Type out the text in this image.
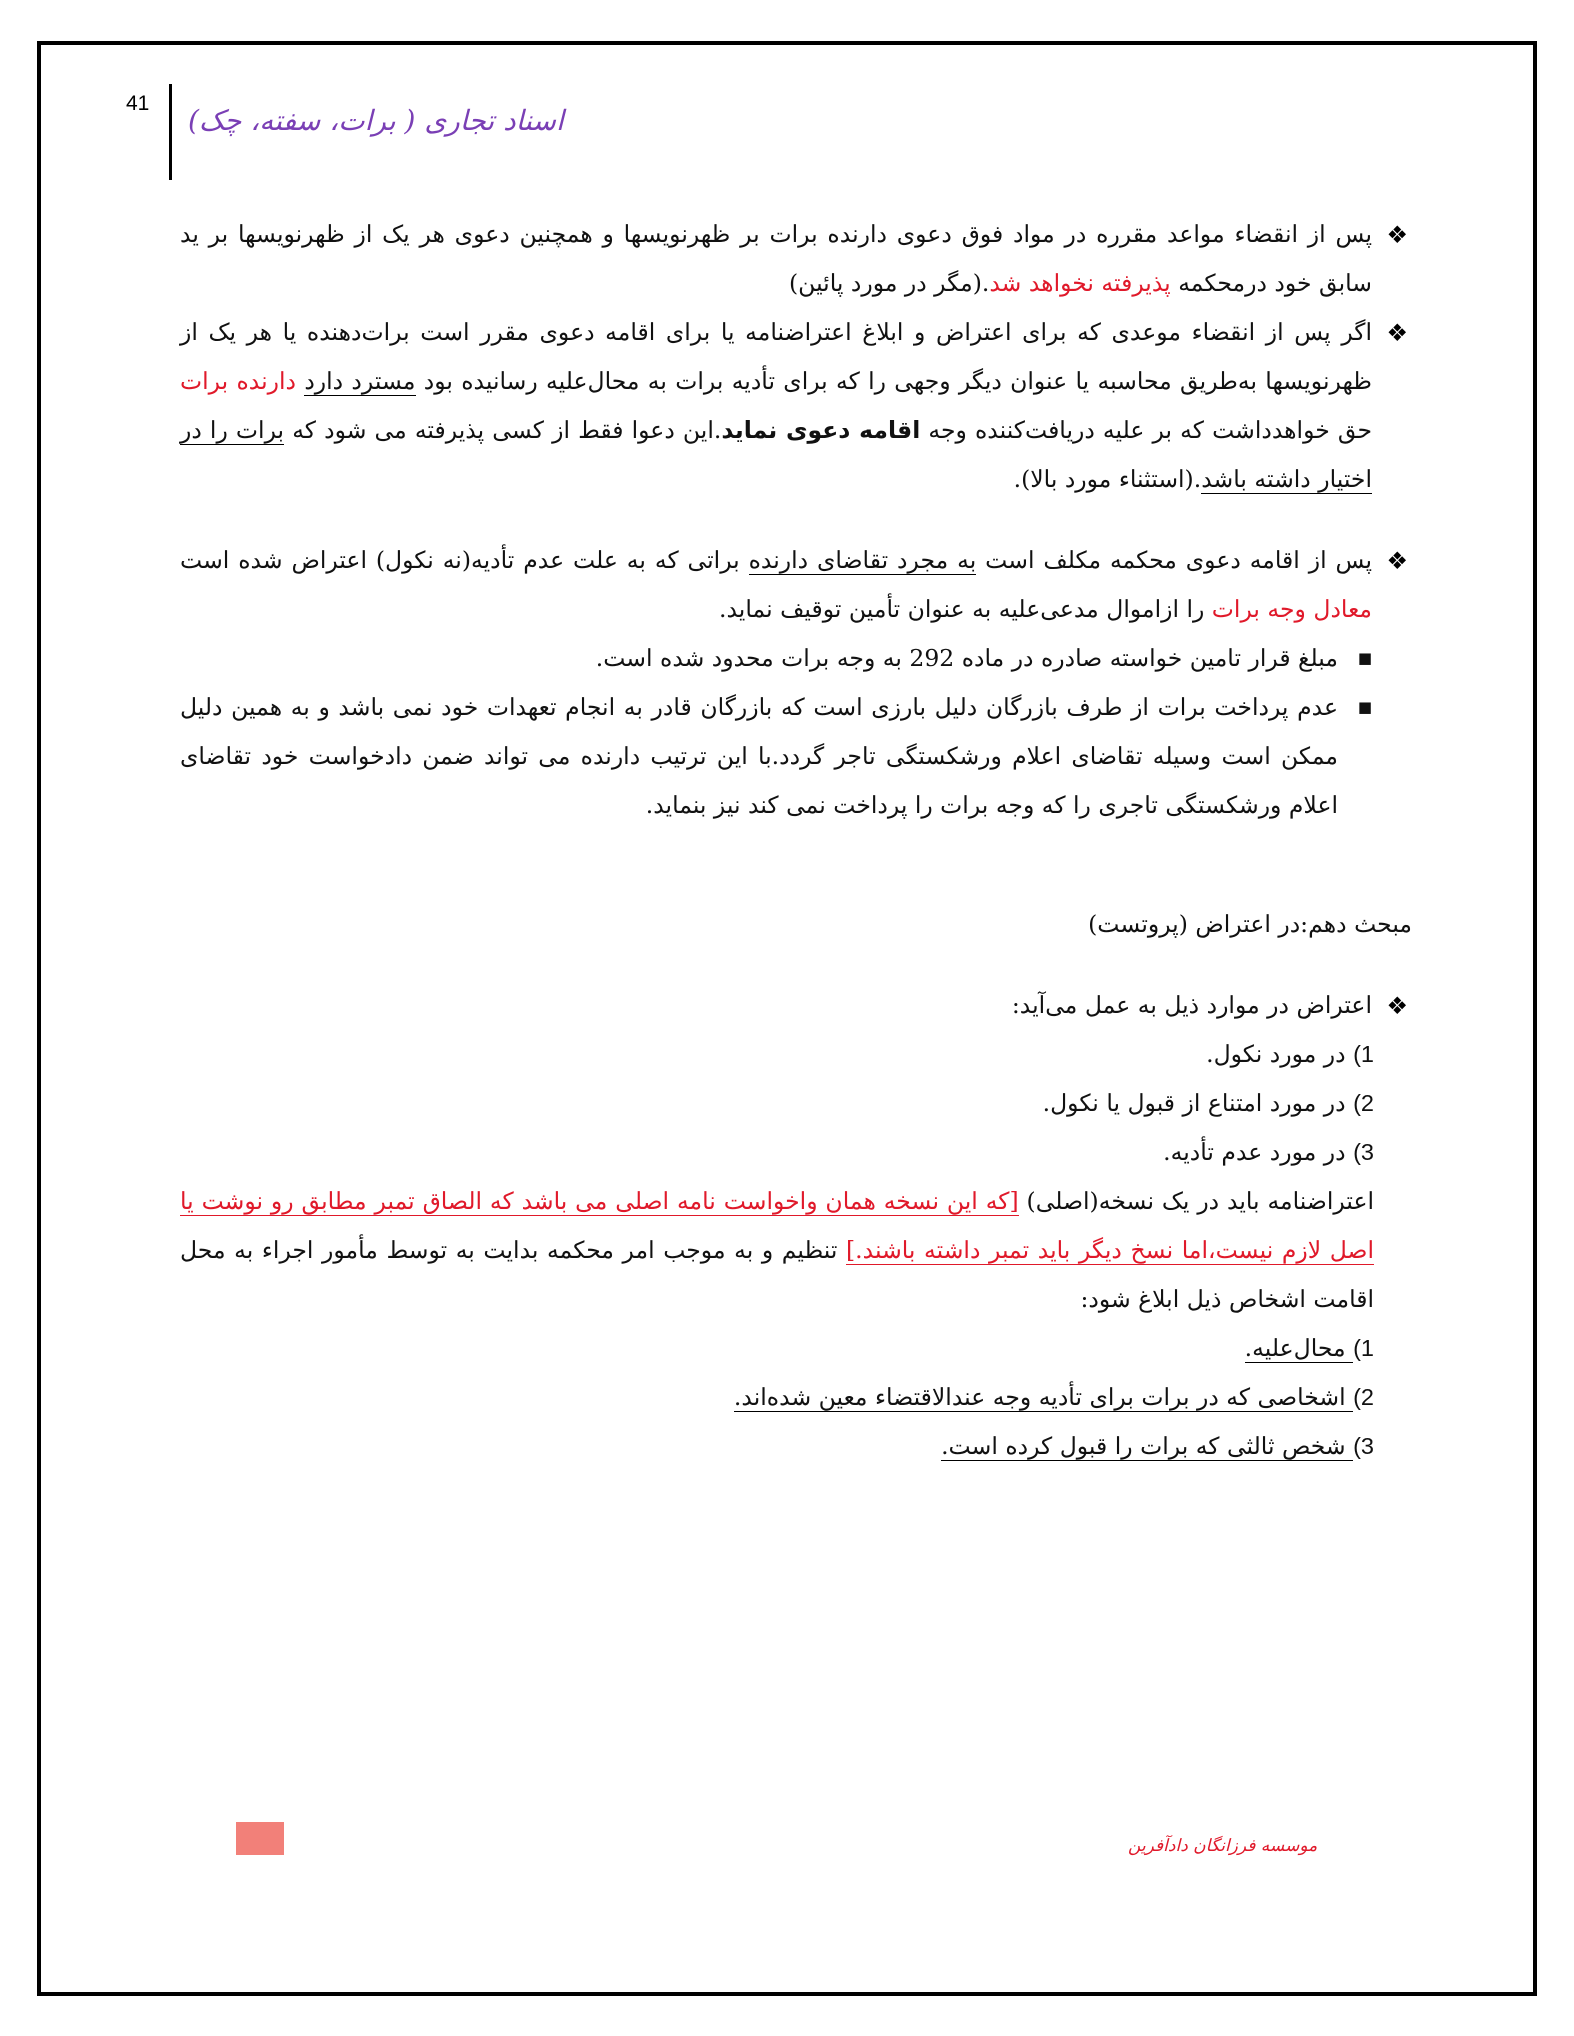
41
اسناد تجاری ( برات، سفته، چک)
❖
پس از انقضاء مواعد مقرره در مواد فوق دعوی دارنده برات بر ظهرنویسها و همچنین دعوی هر یک از ظهرنویسها بر ید سابق خود درمحکمه پذیرفته نخواهد شد.(مگر در مورد پائین)
❖
اگر پس از انقضاء موعدی که برای اعتراض و ابلاغ اعتراضنامه یا برای اقامه دعوی مقرر است برات‌دهنده یا هر یک از ظهرنویسها به‌طریق محاسبه یا عنوان دیگر وجهی را که برای تأدیه برات به محال‌علیه رسانیده بود مسترد دارد دارنده برات حق خواهدداشت که بر علیه دریافت‌کننده وجه اقامه دعوی نماید.این دعوا فقط از کسی پذیرفته می شود که برات را در اختیار داشته باشد.(استثناء مورد بالا).
❖
پس از اقامه دعوی محکمه مکلف است به مجرد تقاضای دارنده براتی که به علت عدم تأدیه(نه نکول) اعتراض شده است معادل وجه برات را ازاموال مدعی‌علیه به عنوان تأمین توقیف نماید.
■
مبلغ قرار تامین خواسته صادره در ماده 292 به وجه برات محدود شده است.
■
عدم پرداخت برات از طرف بازرگان دلیل بارزی است که بازرگان قادر به انجام تعهدات خود نمی باشد و به همین دلیل ممکن است وسیله تقاضای اعلام ورشکستگی تاجر گردد.با این ترتیب دارنده می تواند ضمن دادخواست خود تقاضای اعلام ورشکستگی تاجری را که وجه برات را پرداخت نمی کند نیز بنماید.
مبحث دهم:در اعتراض (پروتست)
❖
اعتراض در موارد ذیل به عمل می‌آید:
1) در مورد نکول.
2) در مورد امتناع از قبول یا نکول.
3) در مورد عدم تأدیه.
اعتراضنامه باید در یک نسخه(اصلی) [که این نسخه همان واخواست نامه اصلی می باشد که الصاق تمبر مطابق رو نوشت یا اصل لازم نیست،اما نسخ دیگر باید تمبر داشته باشند.] تنظیم و به موجب امر محکمه بدایت به توسط مأمور اجراء به محل اقامت اشخاص ذیل ابلاغ شود:
1) محال‌علیه.
2) اشخاصی که در برات برای تأدیه وجه عندالاقتضاء معین شده‌اند.
3) شخص ثالثی که برات را قبول کرده است.
موسسه فرزانگان دادآفرین
